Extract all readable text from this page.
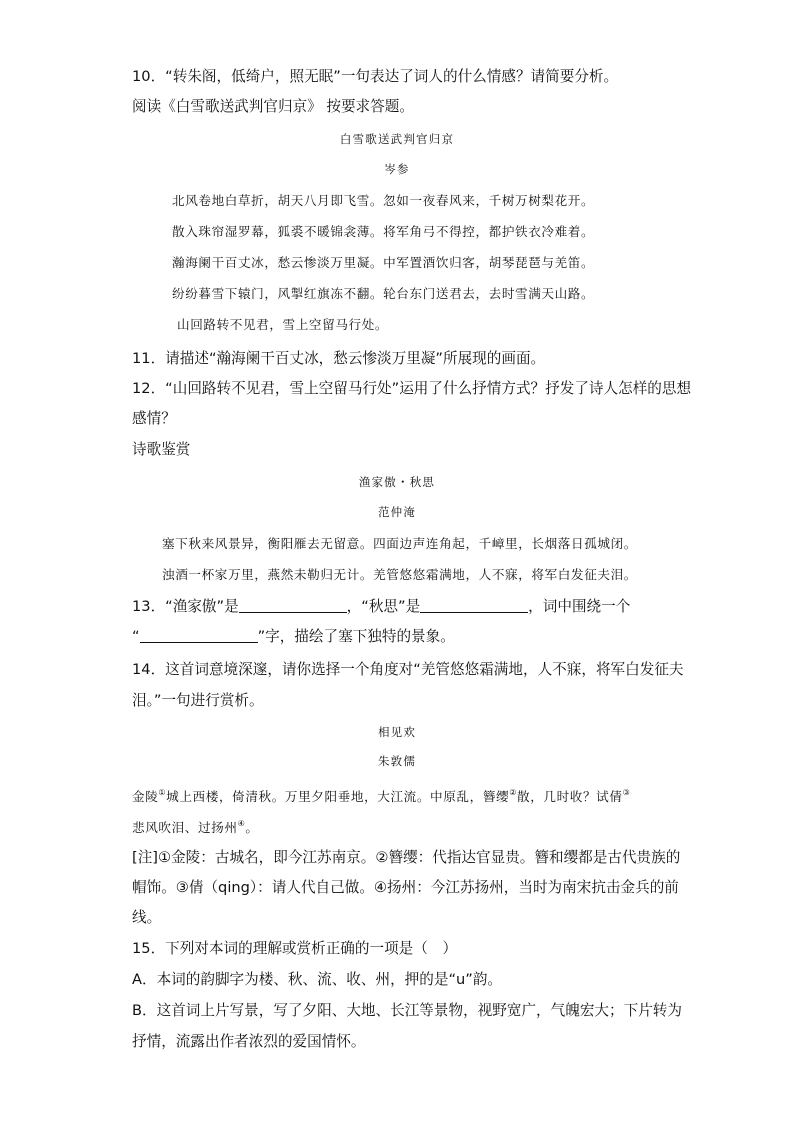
10．“转朱阁，低绮户，照无眠”一句表达了词人的什么情感？请简要分析。
阅读《白雪歌送武判官归京》 按要求答题。
白雪歌送武判官归京
岑参
北风卷地白草折，胡天八月即飞雪。忽如一夜春风来，千树万树梨花开。
散入珠帘湿罗幕，狐裘不暖锦衾薄。将军角弓不得控，都护铁衣冷难着。
瀚海阑干百丈冰，愁云惨淡万里凝。中军置酒饮归客，胡琴琵琶与羌笛。
纷纷暮雪下辕门，风掣红旗冻不翻。轮台东门送君去，去时雪满天山路。
山回路转不见君，雪上空留马行处。
11．请描述“瀚海阑干百丈冰，愁云惨淡万里凝”所展现的画面。
12．“山回路转不见君，雪上空留马行处”运用了什么抒情方式？抒发了诗人怎样的思想
感情？
诗歌鉴赏
渔家傲・秋思
范仲淹
塞下秋来风景异，衡阳雁去无留意。四面边声连角起，千嶂里，长烟落日孤城闭。
浊酒一杯家万里，燕然未勒归无计。羌管悠悠霜满地，人不寐，将军白发征夫泪。
13．“渔家傲”是	，“秋思”是	，词中围绕一个
“	”字，描绘了塞下独特的景象。
14．这首词意境深邃，请你选择一个角度对“羌管悠悠霜满地，人不寐，将军白发征夫
泪。”一句进行赏析。
相见欢
朱敦儒
金陵①城上西楼，倚清秋。万里夕阳垂地，大江流。中原乱，簪缨②散，几时收？试倩③
悲风吹泪、过扬州④。
[注]①金陵：古城名，即今江苏南京。②簪缨：代指达官显贵。簪和缨都是古代贵族的
帽饰。③倩（qing）：请人代自己做。④扬州：今江苏扬州，当时为南宋抗击金兵的前
线。
15．下列对本词的理解或赏析正确的一项是（　）
A．本词的韵脚字为楼、秋、流、收、州，押的是“u”韵。
B．这首词上片写景，写了夕阳、大地、长江等景物，视野宽广，气魄宏大；下片转为
抒情，流露出作者浓烈的爱国情怀。
